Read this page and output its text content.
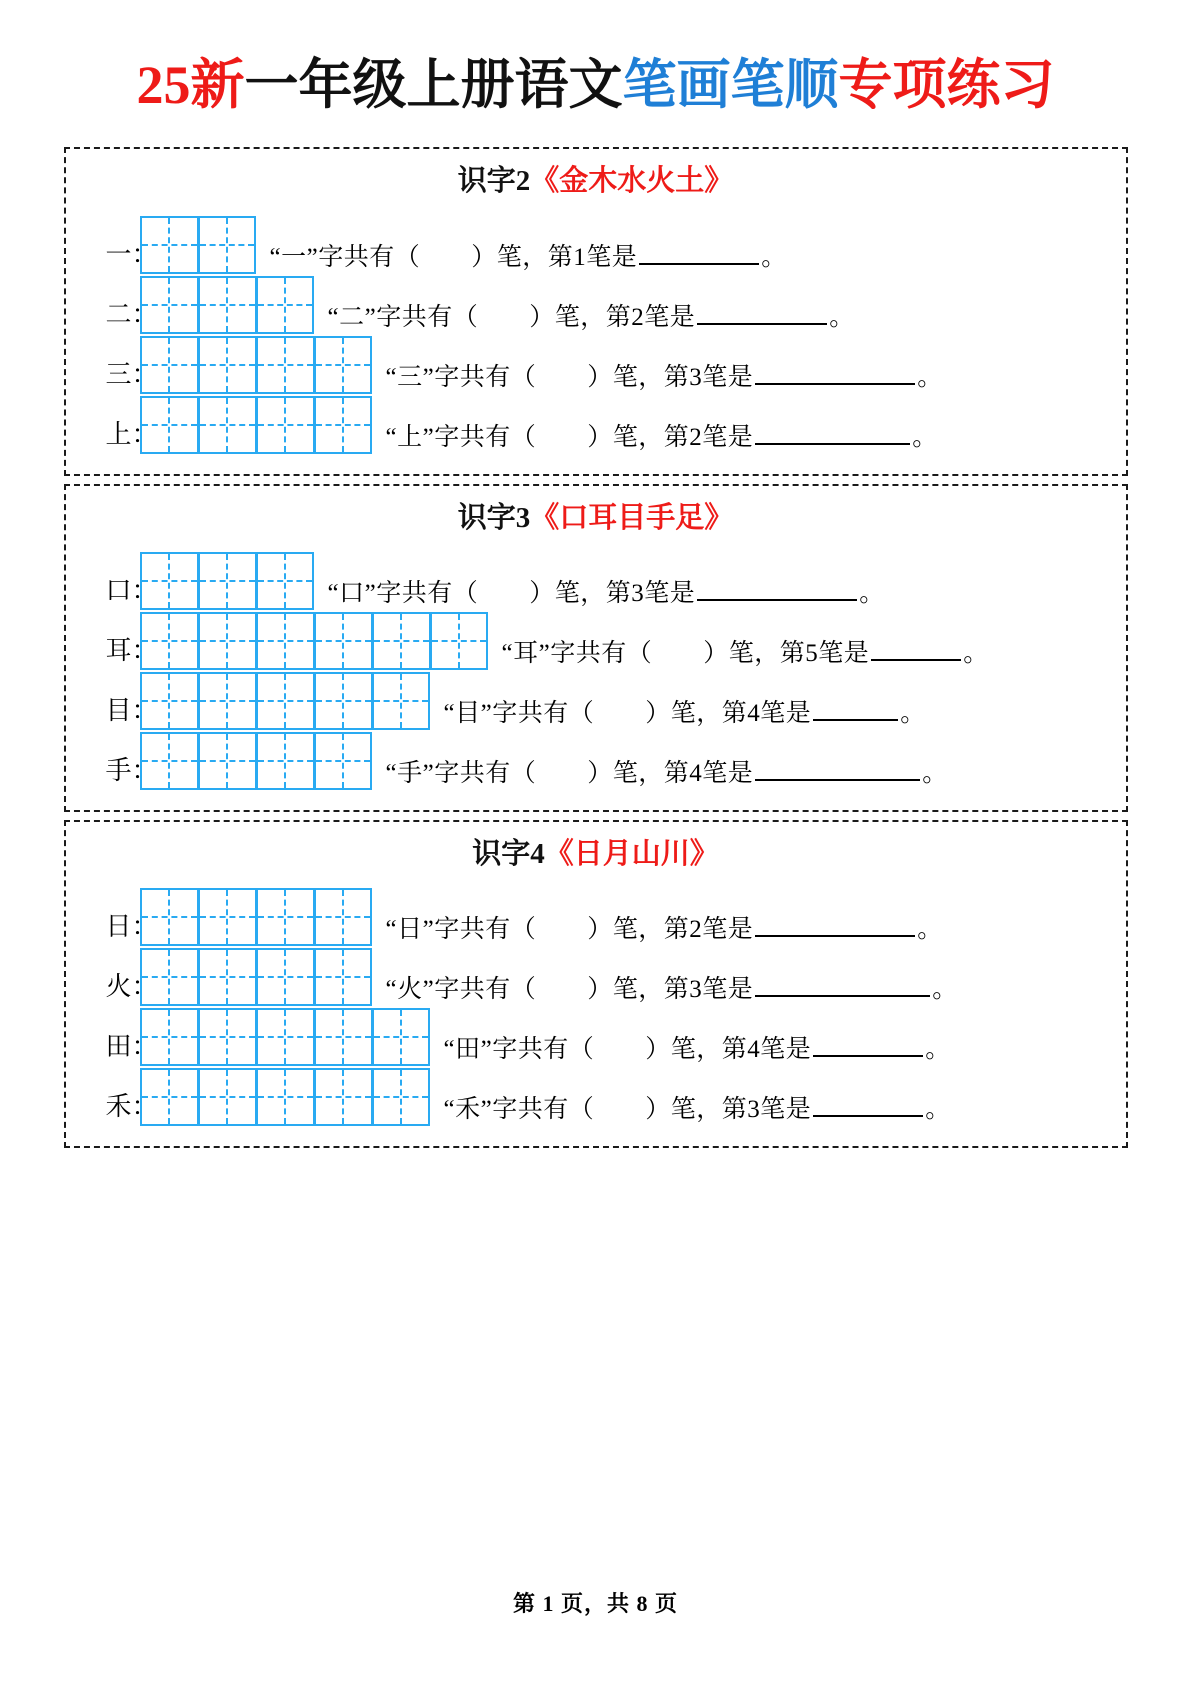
25新一年级上册语文笔画笔顺专项练习
识字2《金木水火土》
一：	“一”字共有（　　）笔，第1笔是	。
二：	“二”字共有（　　）笔，第2笔是	。
三：	“三”字共有（　　）笔，第3笔是	。
上：	“上”字共有（　　）笔，第2笔是	。
识字3《口耳目手足》
口：	“口”字共有（　　）笔，第3笔是	。
耳：	“耳”字共有（　　）笔，第5笔是	。
目：	“目”字共有（　　）笔，第4笔是	。
手：	“手”字共有（　　）笔，第4笔是	。
识字4《日月山川》
日：	“日”字共有（　　）笔，第2笔是	。
火：	“火”字共有（　　）笔，第3笔是	。
田：	“田”字共有（　　）笔，第4笔是	。
禾：	“禾”字共有（　　）笔，第3笔是	。
第 1 页，共 8 页
